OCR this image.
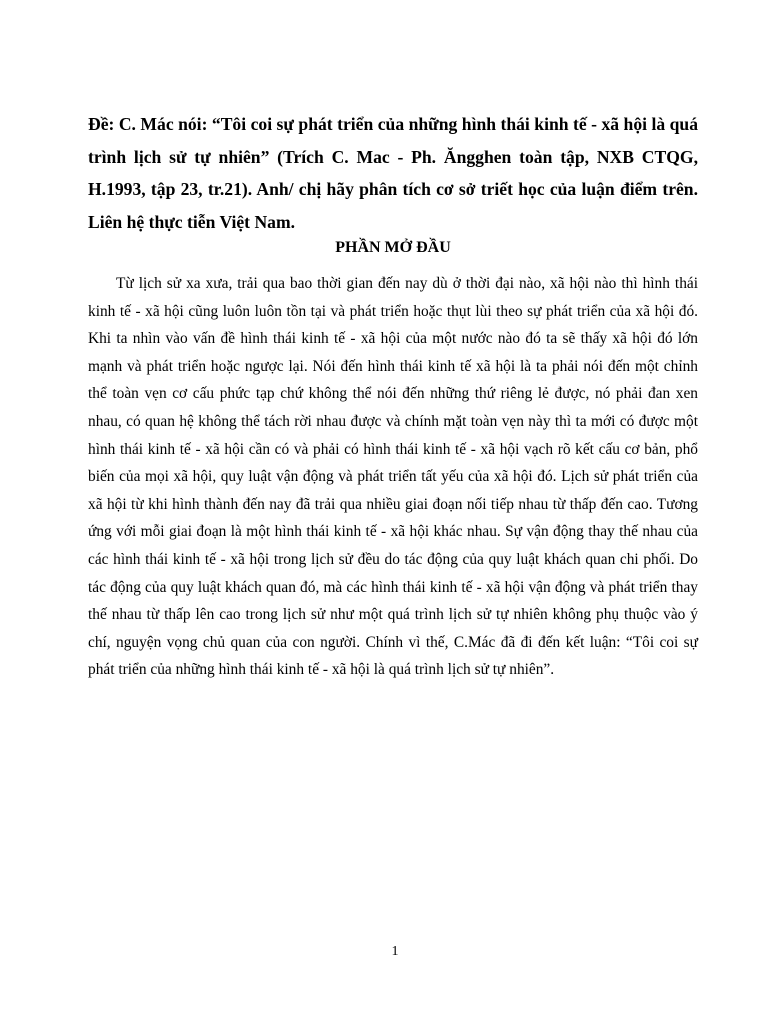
Đề: C. Mác nói: “Tôi coi sự phát triển của những hình thái kinh tế - xã hội là quá trình lịch sử tự nhiên” (Trích C. Mac - Ph. Ăngghen toàn tập, NXB CTQG, H.1993, tập 23, tr.21). Anh/ chị hãy phân tích cơ sở triết học của luận điểm trên. Liên hệ thực tiễn Việt Nam.

PHẦN MỞ ĐẦU

Từ lịch sử xa xưa, trải qua bao thời gian đến nay dù ở thời đại nào, xã hội nào thì hình thái kinh tế - xã hội cũng luôn luôn tồn tại và phát triển hoặc thụt lùi theo sự phát triển của xã hội đó. Khi ta nhìn vào vấn đề hình thái kinh tế - xã hội của một nước nào đó ta sẽ thấy xã hội đó lớn mạnh và phát triển hoặc ngược lại. Nói đến hình thái kinh tế xã hội là ta phải nói đến một chỉnh thể toàn vẹn cơ cấu phức tạp chứ không thể nói đến những thứ riêng lẻ được, nó phải đan xen nhau, có quan hệ không thể tách rời nhau được và chính mặt toàn vẹn này thì ta mới có được một hình thái kinh tế - xã hội cần có và phải có hình thái kinh tế - xã hội vạch rõ kết cấu cơ bản, phổ biến của mọi xã hội, quy luật vận động và phát triển tất yếu của xã hội đó. Lịch sử phát triển của xã hội từ khi hình thành đến nay đã trải qua nhiều giai đoạn nối tiếp nhau từ thấp đến cao. Tương ứng với mỗi giai đoạn là một hình thái kinh tế - xã hội khác nhau. Sự vận động thay thế nhau của các hình thái kinh tế - xã hội trong lịch sử đều do tác động của quy luật khách quan chi phối. Do tác động của quy luật khách quan đó, mà các hình thái kinh tế - xã hội vận động và phát triển thay thế nhau từ thấp lên cao trong lịch sử như một quá trình lịch sử tự nhiên không phụ thuộc vào ý chí, nguyện vọng chủ quan của con người. Chính vì thế, C.Mác đã đi đến kết luận: “Tôi coi sự phát triển của những hình thái kinh tế - xã hội là quá trình lịch sử tự nhiên”.

1
